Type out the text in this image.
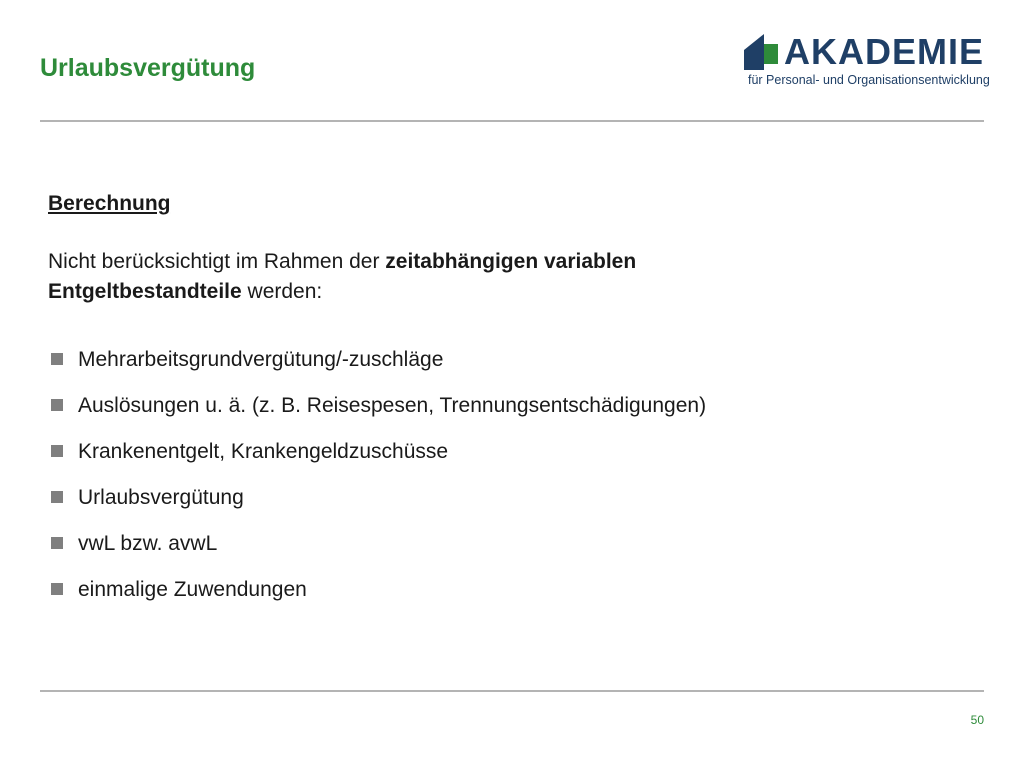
Urlaubsvergütung	AKADEMIE
für Personal- und Organisationsentwicklung
Berechnung
Nicht berücksichtigt im Rahmen der zeitabhängigen variablen
Entgeltbestandteile werden:
Mehrarbeitsgrundvergütung/-zuschläge
Auslösungen u. ä. (z. B. Reisespesen, Trennungsentschädigungen)
Krankenentgelt, Krankengeldzuschüsse
Urlaubsvergütung
vwL bzw. avwL
einmalige Zuwendungen
50
